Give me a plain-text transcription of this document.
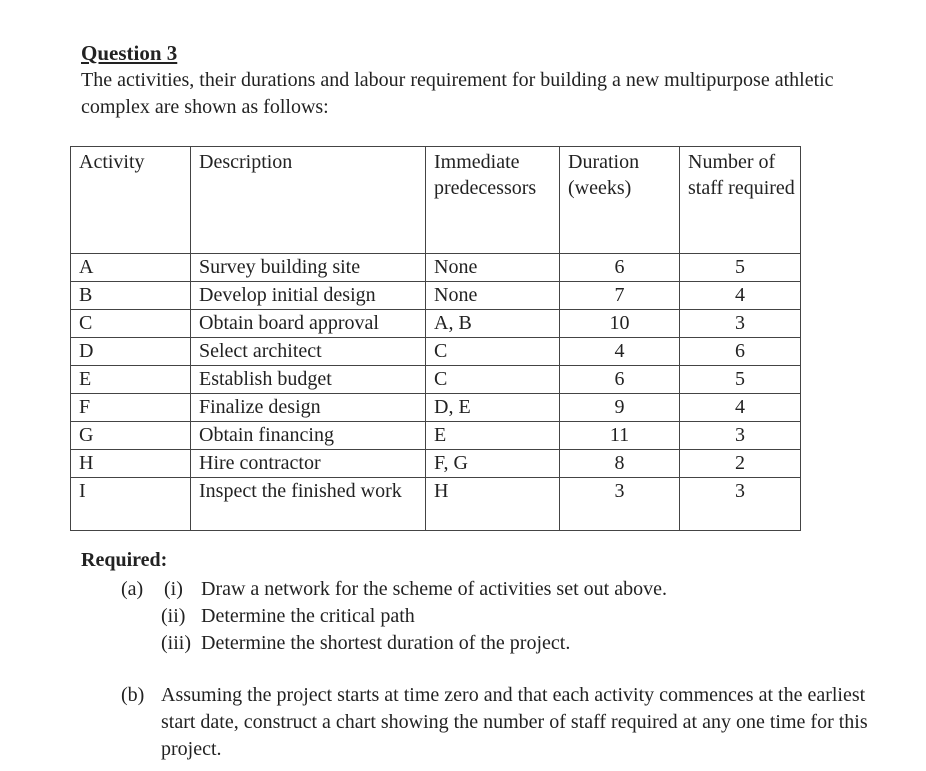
Question 3
The activities, their durations and labour requirement for building a new multipurpose athletic complex are shown as follows:
Activity	Description	Immediate predecessors	Duration (weeks)	Number of staff required
A	Survey building site	None	6	5
B	Develop initial design	None	7	4
C	Obtain board approval	A, B	10	3
D	Select architect	C	4	6
E	Establish budget	C	6	5
F	Finalize design	D, E	9	4
G	Obtain financing	E	11	3
H	Hire contractor	F, G	8	2
I	Inspect the finished work	H	3	3
Required:
(a) (i) Draw a network for the scheme of activities set out above.
(ii) Determine the critical path
(iii) Determine the shortest duration of the project.
(b) Assuming the project starts at time zero and that each activity commences at the earliest start date, construct a chart showing the number of staff required at any one time for this project.
